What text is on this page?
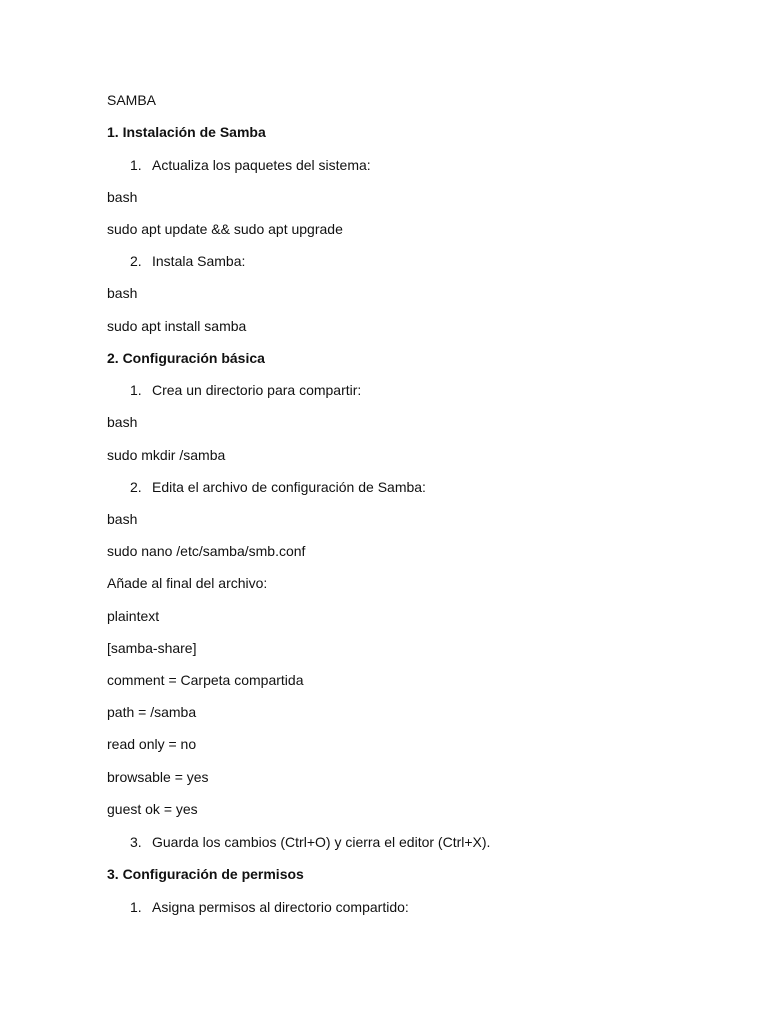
SAMBA
1. Instalación de Samba
1. Actualiza los paquetes del sistema:
bash
sudo apt update && sudo apt upgrade
2. Instala Samba:
bash
sudo apt install samba
2. Configuración básica
1. Crea un directorio para compartir:
bash
sudo mkdir /samba
2. Edita el archivo de configuración de Samba:
bash
sudo nano /etc/samba/smb.conf
Añade al final del archivo:
plaintext
[samba-share]
comment = Carpeta compartida
path = /samba
read only = no
browsable = yes
guest ok = yes
3. Guarda los cambios (Ctrl+O) y cierra el editor (Ctrl+X).
3. Configuración de permisos
1. Asigna permisos al directorio compartido:
